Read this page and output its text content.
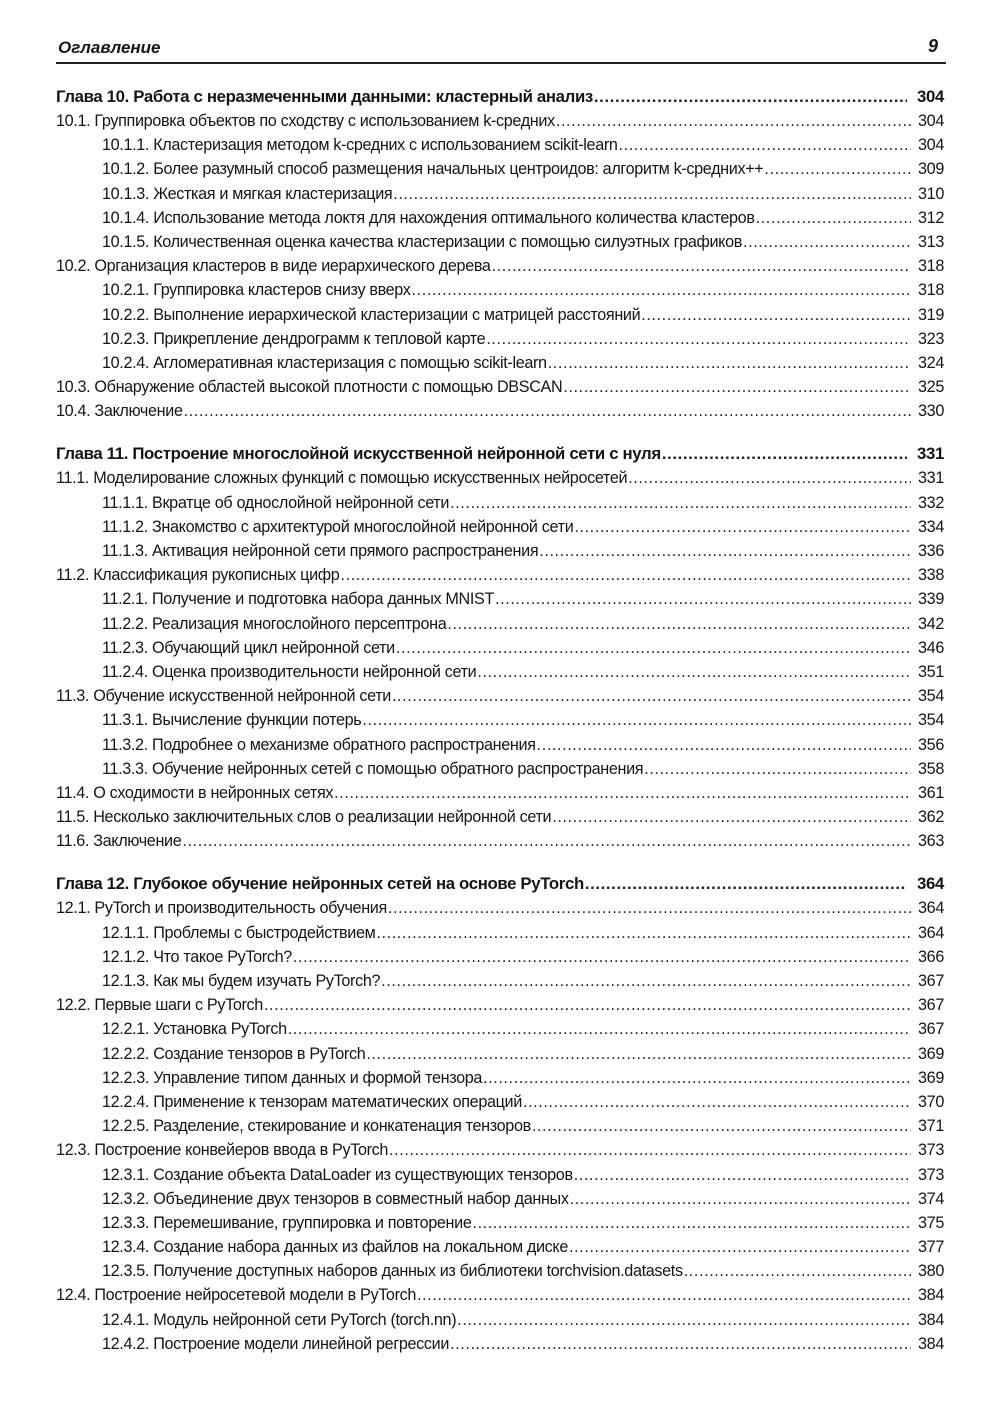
Оглавление	9
Глава 10. Работа с неразмеченными данными: кластерный анализ .....	304
10.1. Группировка объектов по сходству с использованием k-средних .....	304
10.1.1. Кластеризация методом k-средних с использованием scikit-learn .....	304
10.1.2. Более разумный способ размещения начальных центроидов: алгоритм k-средних++ .....	309
10.1.3. Жесткая и мягкая кластеризация .....	310
10.1.4. Использование метода локтя для нахождения оптимального количества кластеров .....	312
10.1.5. Количественная оценка качества кластеризации с помощью силуэтных графиков .....	313
10.2. Организация кластеров в виде иерархического дерева .....	318
10.2.1. Группировка кластеров снизу вверх .....	318
10.2.2. Выполнение иерархической кластеризации с матрицей расстояний .....	319
10.2.3. Прикрепление дендрограмм к тепловой карте .....	323
10.2.4. Агломеративная кластеризация с помощью scikit-learn .....	324
10.3. Обнаружение областей высокой плотности с помощью DBSCAN .....	325
10.4. Заключение .....	330
Глава 11. Построение многослойной искусственной нейронной сети с нуля .....	331
11.1. Моделирование сложных функций с помощью искусственных нейросетей .....	331
11.1.1. Вкратце об однослойной нейронной сети .....	332
11.1.2. Знакомство с архитектурой многослойной нейронной сети .....	334
11.1.3. Активация нейронной сети прямого распространения .....	336
11.2. Классификация рукописных цифр .....	338
11.2.1. Получение и подготовка набора данных MNIST .....	339
11.2.2. Реализация многослойного персептрона .....	342
11.2.3. Обучающий цикл нейронной сети .....	346
11.2.4. Оценка производительности нейронной сети .....	351
11.3. Обучение искусственной нейронной сети .....	354
11.3.1. Вычисление функции потерь .....	354
11.3.2. Подробнее о механизме обратного распространения .....	356
11.3.3. Обучение нейронных сетей с помощью обратного распространения .....	358
11.4. О сходимости в нейронных сетях .....	361
11.5. Несколько заключительных слов о реализации нейронной сети .....	362
11.6. Заключение .....	363
Глава 12. Глубокое обучение нейронных сетей на основе PyTorch .....	364
12.1. PyTorch и производительность обучения .....	364
12.1.1. Проблемы с быстродействием .....	364
12.1.2. Что такое PyTorch? .....	366
12.1.3. Как мы будем изучать PyTorch? .....	367
12.2. Первые шаги с PyTorch .....	367
12.2.1. Установка PyTorch .....	367
12.2.2. Создание тензоров в PyTorch .....	369
12.2.3. Управление типом данных и формой тензора .....	369
12.2.4. Применение к тензорам математических операций .....	370
12.2.5. Разделение, стекирование и конкатенация тензоров .....	371
12.3. Построение конвейеров ввода в PyTorch .....	373
12.3.1. Создание объекта DataLoader из существующих тензоров .....	373
12.3.2. Объединение двух тензоров в совместный набор данных .....	374
12.3.3. Перемешивание, группировка и повторение .....	375
12.3.4. Создание набора данных из файлов на локальном диске .....	377
12.3.5. Получение доступных наборов данных из библиотеки torchvision.datasets .....	380
12.4. Построение нейросетевой модели в PyTorch .....	384
12.4.1. Модуль нейронной сети PyTorch (torch.nn) .....	384
12.4.2. Построение модели линейной регрессии .....	384
